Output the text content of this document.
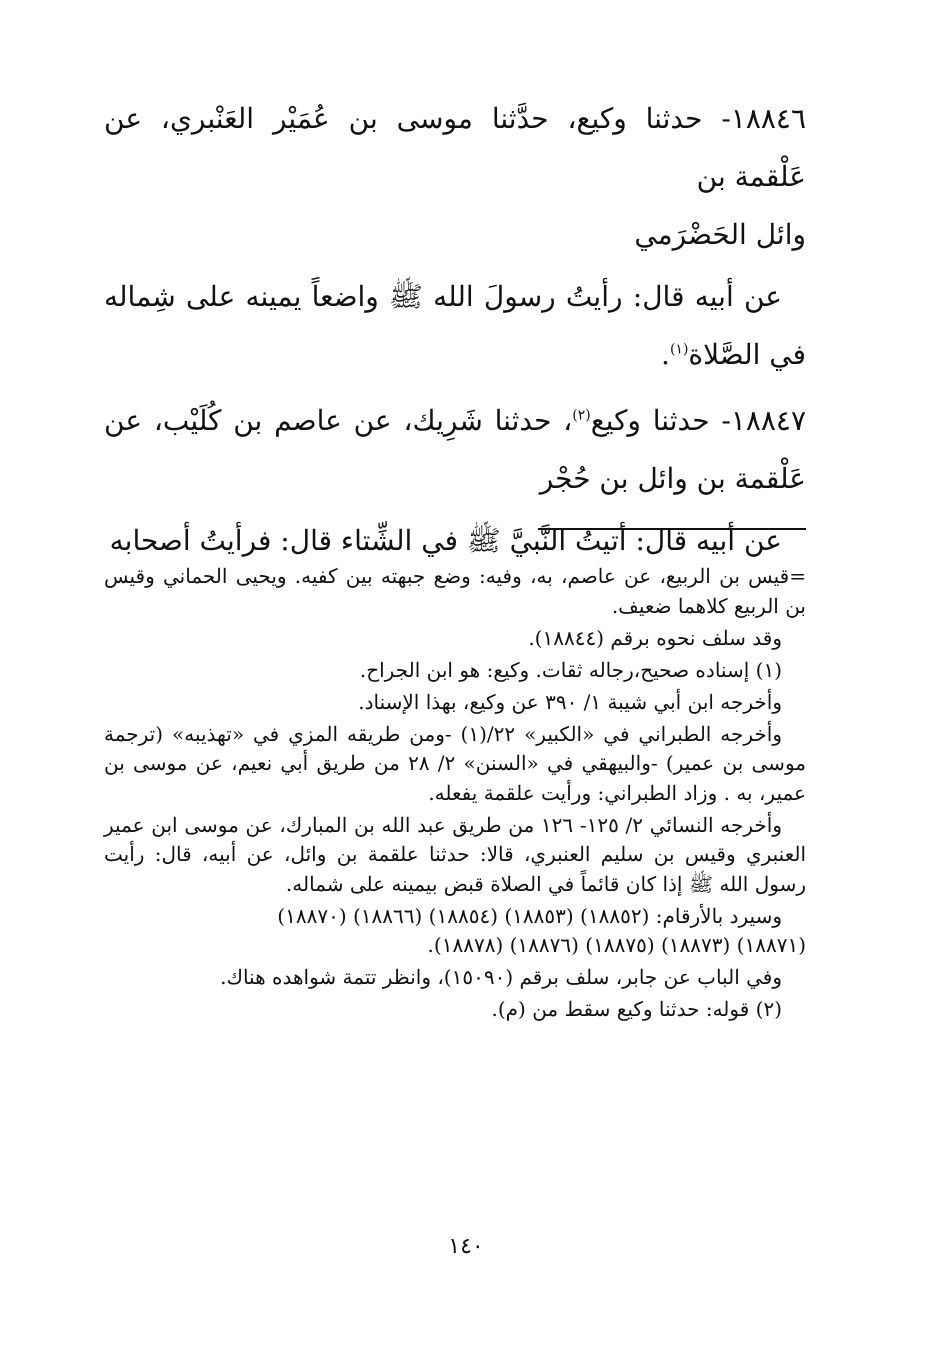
١٨٨٤٦- حدثنا وكيع، حدَّثنا موسى بن عُمَيْر العَنْبري، عن عَلْقمة بن
وائل الحَضْرَمي

عن أبيه قال: رأيتُ رسولَ الله ﷺ واضعاً يمينه على شِماله في الصَّلاة$^{(١)}$.

١٨٨٤٧- حدثنا وكيع$^{(٢)}$، حدثنا شَرِيك، عن عاصم بن كُلَيْب، عن عَلْقمة بن وائل بن حُجْر

عن أبيه قال: أتيتُ النَّبيَّ ﷺ في الشِّتاء قال: فرأيتُ أصحابه

=قيس بن الربيع، عن عاصم، به، وفيه: وضع جبهته بين كفيه. ويحيى الحماني وقيس بن الربيع كلاهما ضعيف.

وقد سلف نحوه برقم (١٨٨٤٤).

(١) إسناده صحيح،رجاله ثقات. وكيع: هو ابن الجراح.

وأخرجه ابن أبي شيبة ١/ ٣٩٠ عن وكيع، بهذا الإسناد.

وأخرجه الطبراني في «الكبير» ٢٢/(١) -ومن طريقه المزي في «تهذيبه» (ترجمة موسى بن عمير) -والبيهقي في «السنن» ٢/ ٢٨ من طريق أبي نعيم، عن موسى بن عمير، به . وزاد الطبراني: ورأيت علقمة يفعله.

وأخرجه النسائي ٢/ ١٢٥- ١٢٦ من طريق عبد الله بن المبارك، عن موسى ابن عمير العنبري وقيس بن سليم العنبري، قالا: حدثنا علقمة بن وائل، عن أبيه، قال: رأيت رسول الله ﷺ إذا كان قائماً في الصلاة قبض بيمينه على شماله.

وسيرد بالأرقام: (١٨٨٥٢) (١٨٨٥٣) (١٨٨٥٤) (١٨٨٦٦) (١٨٨٧٠)
(١٨٨٧١) (١٨٨٧٣) (١٨٨٧٥) (١٨٨٧٦) (١٨٨٧٨).

وفي الباب عن جابر، سلف برقم (١٥٠٩٠)، وانظر تتمة شواهده هناك.

(٢) قوله: حدثنا وكيع سقط من (م).

١٤٠
